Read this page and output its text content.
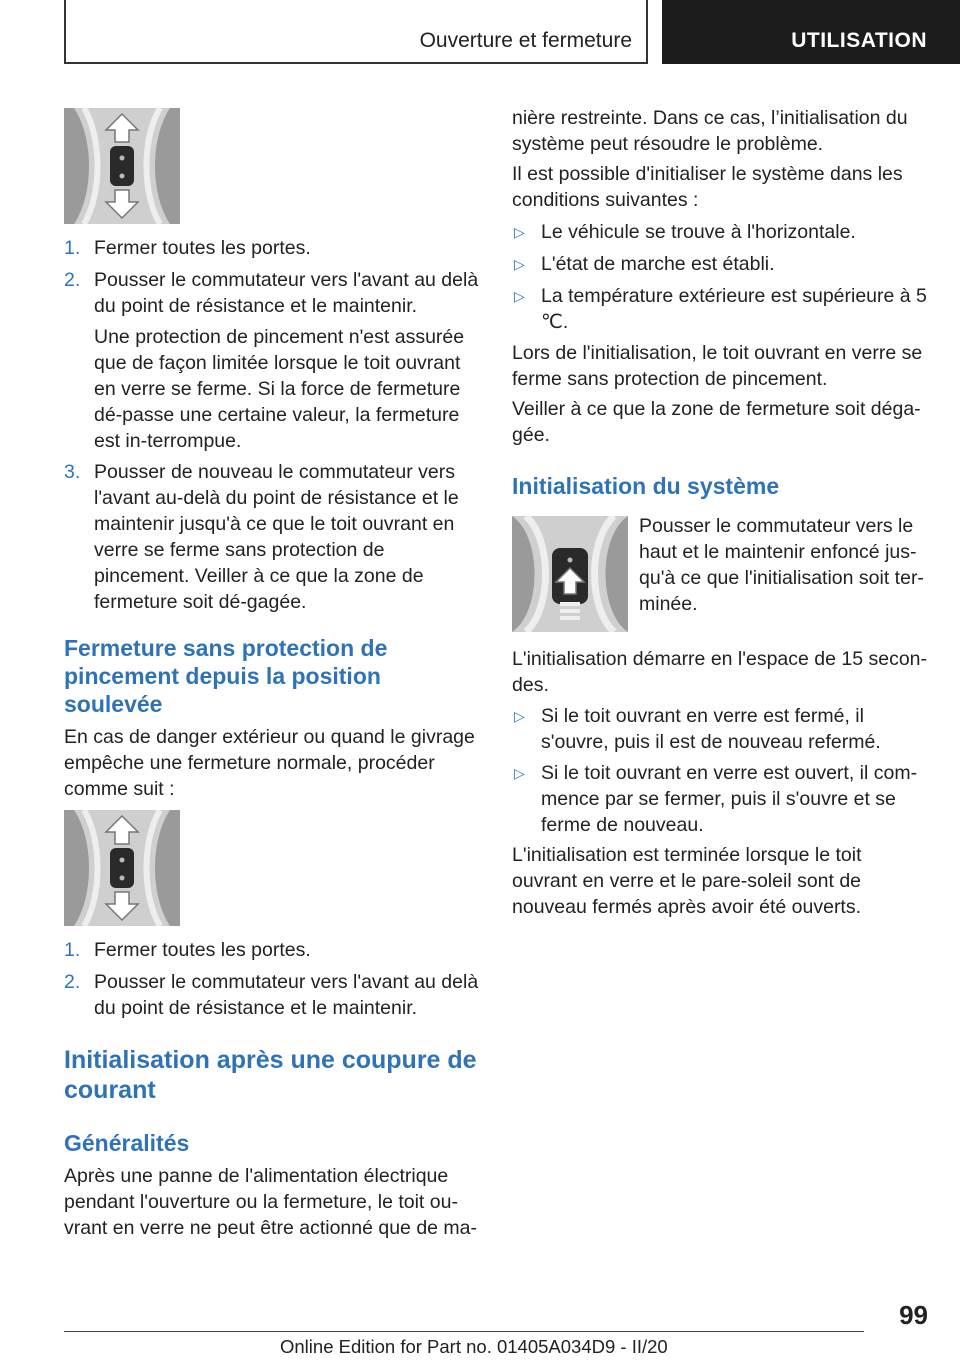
Ouverture et fermeture	UTILISATION
1. Fermer toutes les portes.

2. Pousser le commutateur vers l'avant au delà du point de résistance et le maintenir.

Une protection de pincement n'est assurée que de façon limitée lorsque le toit ouvrant en verre se ferme. Si la force de fermeture dé-passe une certaine valeur, la fermeture est in-terrompue.

3. Pousser de nouveau le commutateur vers l'avant au-delà du point de résistance et le maintenir jusqu'à ce que le toit ouvrant en verre se ferme sans protection de pincement. Veiller à ce que la zone de fermeture soit dé-gagée.

Fermeture sans protection de pincement depuis la position soulevée

En cas de danger extérieur ou quand le givrage empêche une fermeture normale, procéder comme suit :

1. Fermer toutes les portes.

2. Pousser le commutateur vers l'avant au delà du point de résistance et le maintenir.

Initialisation après une coupure de courant
Généralités

Après une panne de l'alimentation électrique pendant l'ouverture ou la fermeture, le toit ou-vrant en verre ne peut être actionné que de ma-

nière restreinte. Dans ce cas, l’initialisation du système peut résoudre le problème.

Il est possible d'initialiser le système dans les conditions suivantes :

▷ Le véhicule se trouve à l'horizontale.

▷ L'état de marche est établi.

▷ La température extérieure est supérieure à 5 ℃.

Lors de l'initialisation, le toit ouvrant en verre se ferme sans protection de pincement.

Veiller à ce que la zone de fermeture soit déga-gée.

Initialisation du système

Pousser le commutateur vers le haut et le maintenir enfoncé jus-qu'à ce que l'initialisation soit ter-minée.

L'initialisation démarre en l'espace de 15 secon-des.

▷ Si le toit ouvrant en verre est fermé, il s'ouvre, puis il est de nouveau refermé.

▷ Si le toit ouvrant en verre est ouvert, il com-mence par se fermer, puis il s'ouvre et se ferme de nouveau.

L'initialisation est terminée lorsque le toit ouvrant en verre et le pare-soleil sont de nouveau fermés après avoir été ouverts.

99
Online Edition for Part no. 01405A034D9 - II/20
